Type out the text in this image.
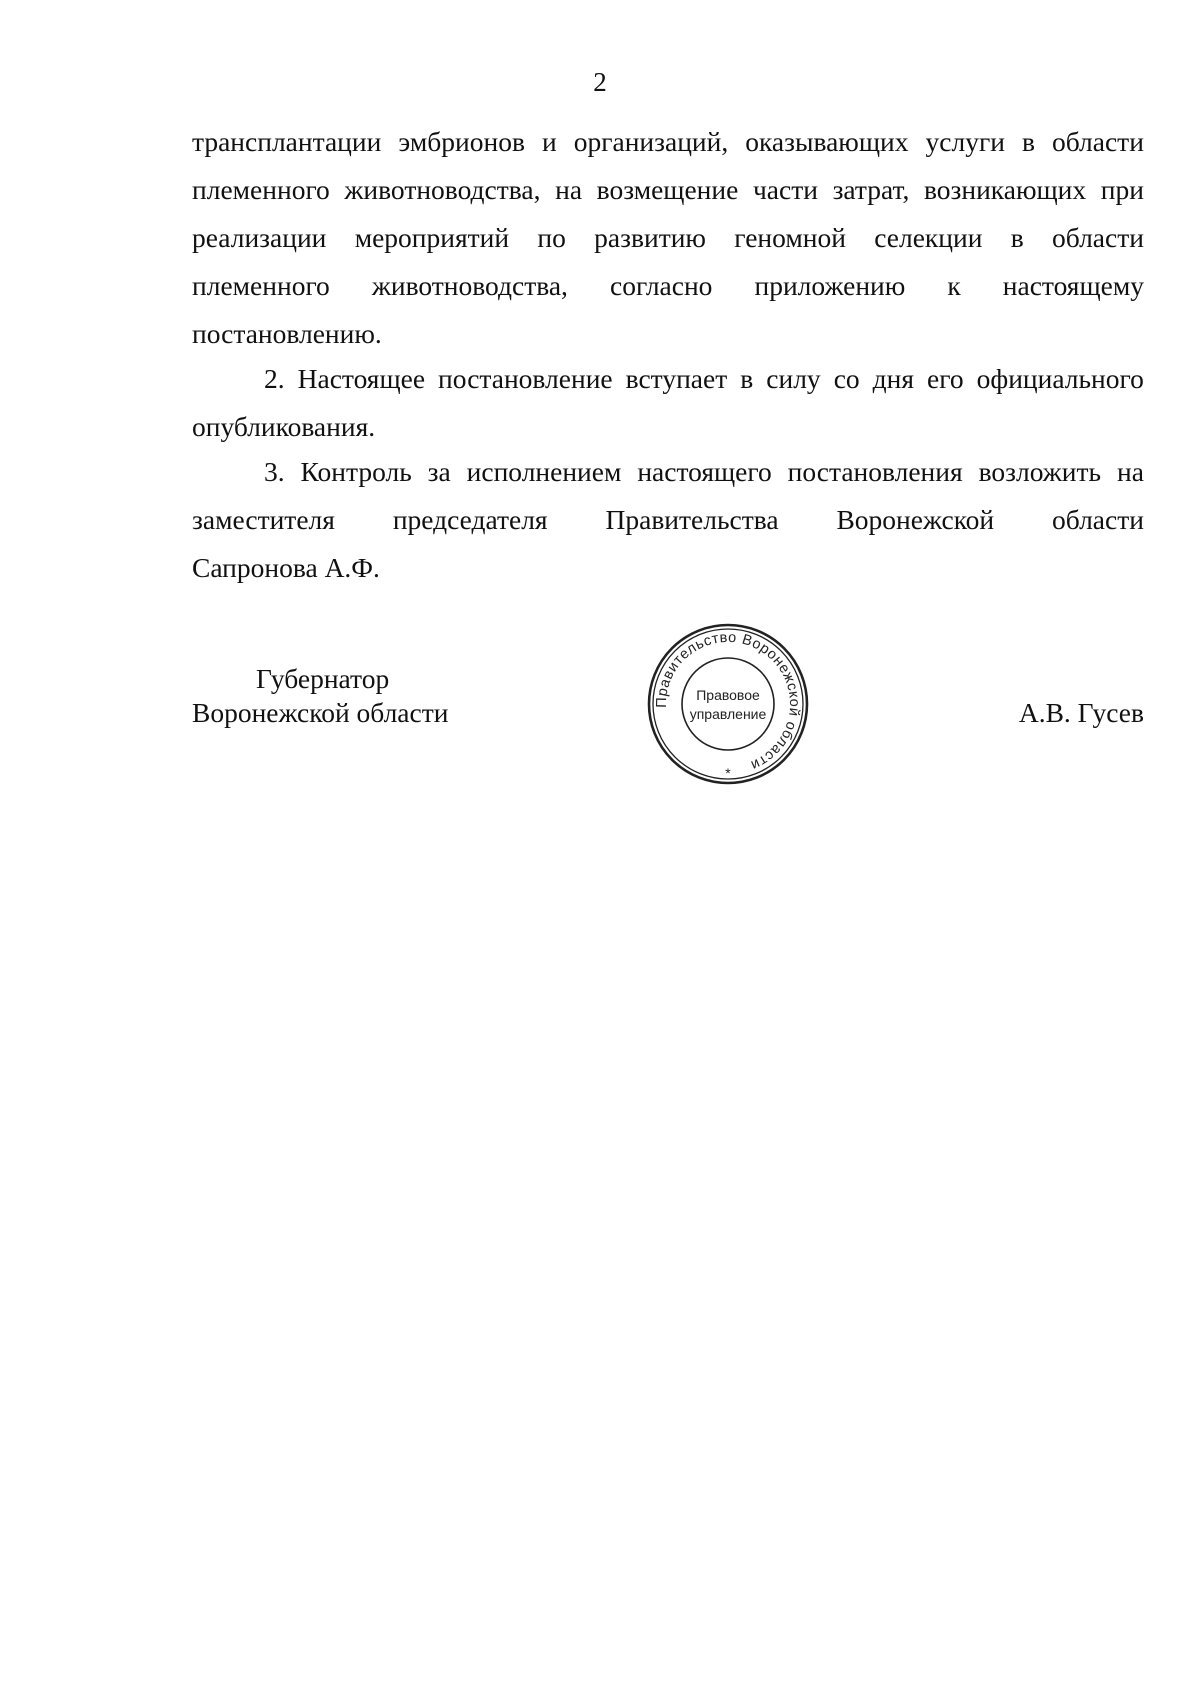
2
трансплантации эмбрионов и организаций, оказывающих услуги в области
племенного животноводства, на возмещение части затрат, возникающих при
реализации мероприятий по развитию геномной селекции в области
племенного животноводства, согласно приложению к настоящему
постановлению.
2. Настоящее постановление вступает в силу со дня его официального
опубликования.
3. Контроль за исполнением настоящего постановления возложить на
заместителя председателя Правительства Воронежской области
Сапронова А.Ф.
Губернатор
Воронежской области	А.В. Гусев
Правительство Воронежской области
Правовое
управление
*
